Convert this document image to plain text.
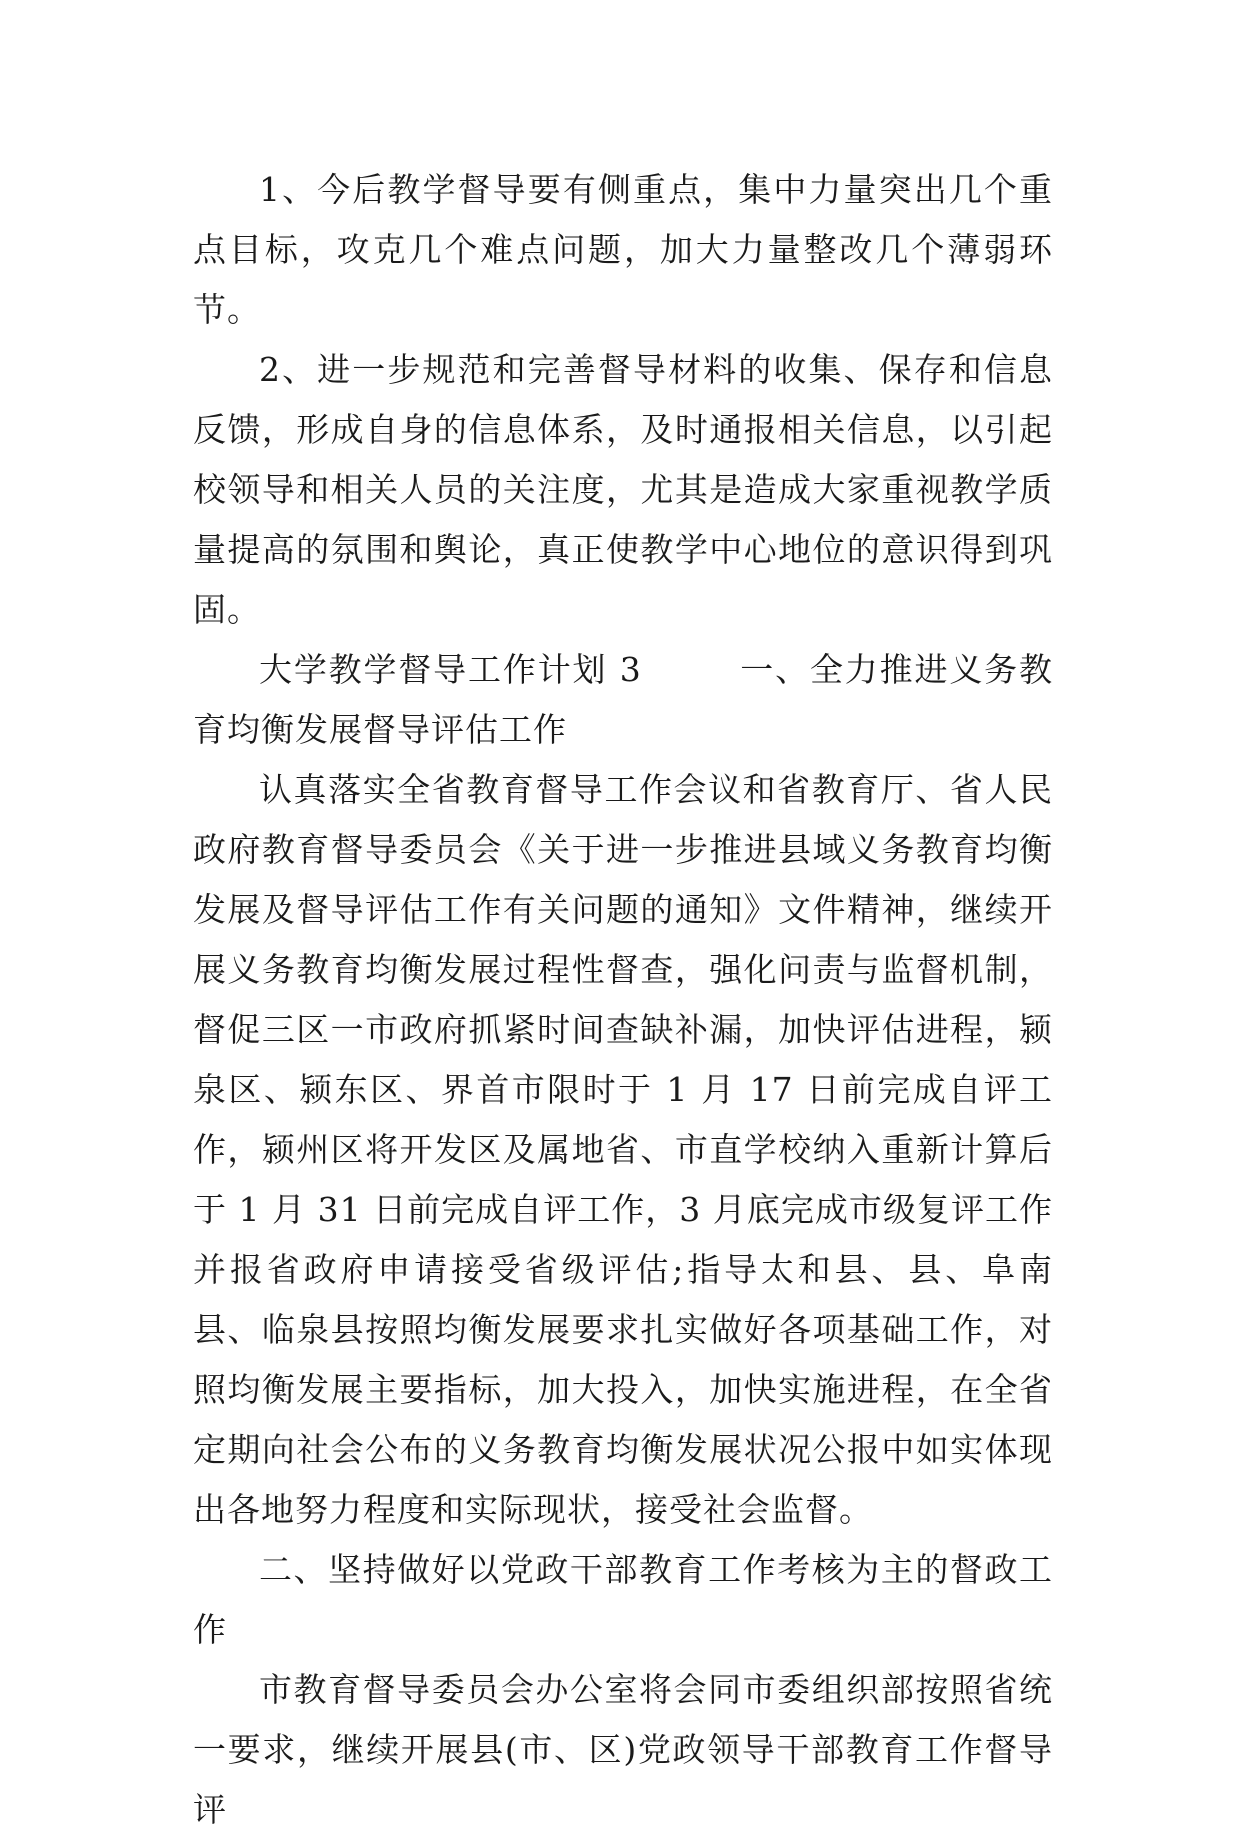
1、今后教学督导要有侧重点，集中力量突出几个重点目标，攻克几个难点问题，加大力量整改几个薄弱环节。

2、进一步规范和完善督导材料的收集、保存和信息反馈，形成自身的信息体系，及时通报相关信息，以引起校领导和相关人员的关注度，尤其是造成大家重视教学质量提高的氛围和舆论，真正使教学中心地位的意识得到巩固。

大学教学督导工作计划 3	一、全力推进义务教育均衡发展督导评估工作

认真落实全省教育督导工作会议和省教育厅、省人民政府教育督导委员会《关于进一步推进县域义务教育均衡发展及督导评估工作有关问题的通知》文件精神，继续开展义务教育均衡发展过程性督查，强化问责与监督机制，督促三区一市政府抓紧时间查缺补漏，加快评估进程，颍泉区、颍东区、界首市限时于 1 月 17 日前完成自评工作，颍州区将开发区及属地省、市直学校纳入重新计算后于 1 月 31 日前完成自评工作，3 月底完成市级复评工作并报省政府申请接受省级评估;指导太和县、县、阜南县、临泉县按照均衡发展要求扎实做好各项基础工作，对照均衡发展主要指标，加大投入，加快实施进程，在全省定期向社会公布的义务教育均衡发展状况公报中如实体现出各地努力程度和实际现状，接受社会监督。

二、坚持做好以党政干部教育工作考核为主的督政工作

市教育督导委员会办公室将会同市委组织部按照省统一要求，继续开展县(市、区)党政领导干部教育工作督导评
